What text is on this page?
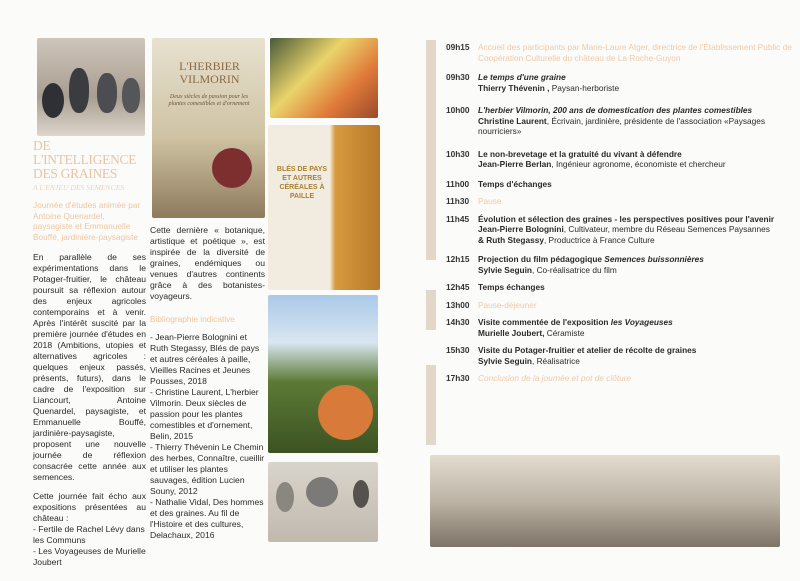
L'HERBIER VILMORIN
Deux siècles de passion pour les plantes comestibles et d'ornement
BLÉS DE PAYS ET AUTRES CÉRÉALES À PAILLE
DE L'INTELLIGENCE DES GRAINES
A L'ENJEU DES SEMENCES
Journée d'études animée par Antoine Quenardel, paysagiste et Emmanuelle Bouffé, jardinière-paysagiste
En parallèle de ses expérimentations dans le Potager-fruitier, le château poursuit sa réflexion autour des enjeux agricoles contemporains et à venir. Après l'intérêt suscité par la première journée d'études en 2018 (Ambitions, utopies et alternatives agricoles : quelques enjeux passés, présents, futurs), dans le cadre de l'exposition sur Liancourt, Antoine Quenardel, paysagiste, et Emmanuelle Bouffé, jardinière-paysagiste, proposent une nouvelle journée de réflexion consacrée cette année aux semences.
Cette journée fait écho aux expositions présentées au château :
- Fertile de Rachel Lévy dans les Communs
- Les Voyageuses de Murielle Joubert
Cette dernière « botanique, artistique et poétique », est inspirée de la diversité de graines, endémiques ou venues d'autres continents grâce à des botanistes-voyageurs.
Bibliographie indicative
- Jean-Pierre Bolognini et Ruth Stegassy, Blés de pays et autres céréales à paille, Vieilles Racines et Jeunes Pousses, 2018
- Christine Laurent, L'herbier Vilmorin. Deux siècles de passion pour les plantes comestibles et d'ornement, Belin, 2015
- Thierry Thévenin Le Chemin des herbes, Connaître, cueillir et utiliser les plantes sauvages, édition Lucien Souny, 2012
- Nathalie Vidal, Des hommes et des graines. Au fil de l'Histoire et des cultures, Delachaux, 2016
09h15	Accueil des participants par Marie-Laure Atger, directrice de l'Établissement Public de Coopération Culturelle du château de La Roche-Guyon
09h30	Le temps d'une graine
Thierry Thévenin , Paysan-herboriste
10h00	L'herbier Vilmorin, 200 ans de domestication des plantes comestibles
Christine Laurent, Écrivain, jardinière, présidente de l'association «Paysages nourriciers»
10h30	Le non-brevetage et la gratuité du vivant à défendre
Jean-Pierre Berlan, Ingénieur agronome, économiste et chercheur
11h00	Temps d'échanges
11h30	Pause
11h45	Évolution et sélection des graines - les perspectives positives pour l'avenir
Jean-Pierre Bolognini, Cultivateur, membre du Réseau Semences Paysannes
& Ruth Stegassy, Productrice à France Culture
12h15	Projection du film pédagogique Semences buissonnières
Sylvie Seguin, Co-réalisatrice du film
12h45	Temps échanges
13h00	Pause-déjeuner
14h30	Visite commentée de l'exposition les Voyageuses
Murielle Joubert, Céramiste
15h30	Visite du Potager-fruitier et atelier de récolte de graines
Sylvie Seguin, Réalisatrice
17h30	Conclusion de la journée et pot de clôture
